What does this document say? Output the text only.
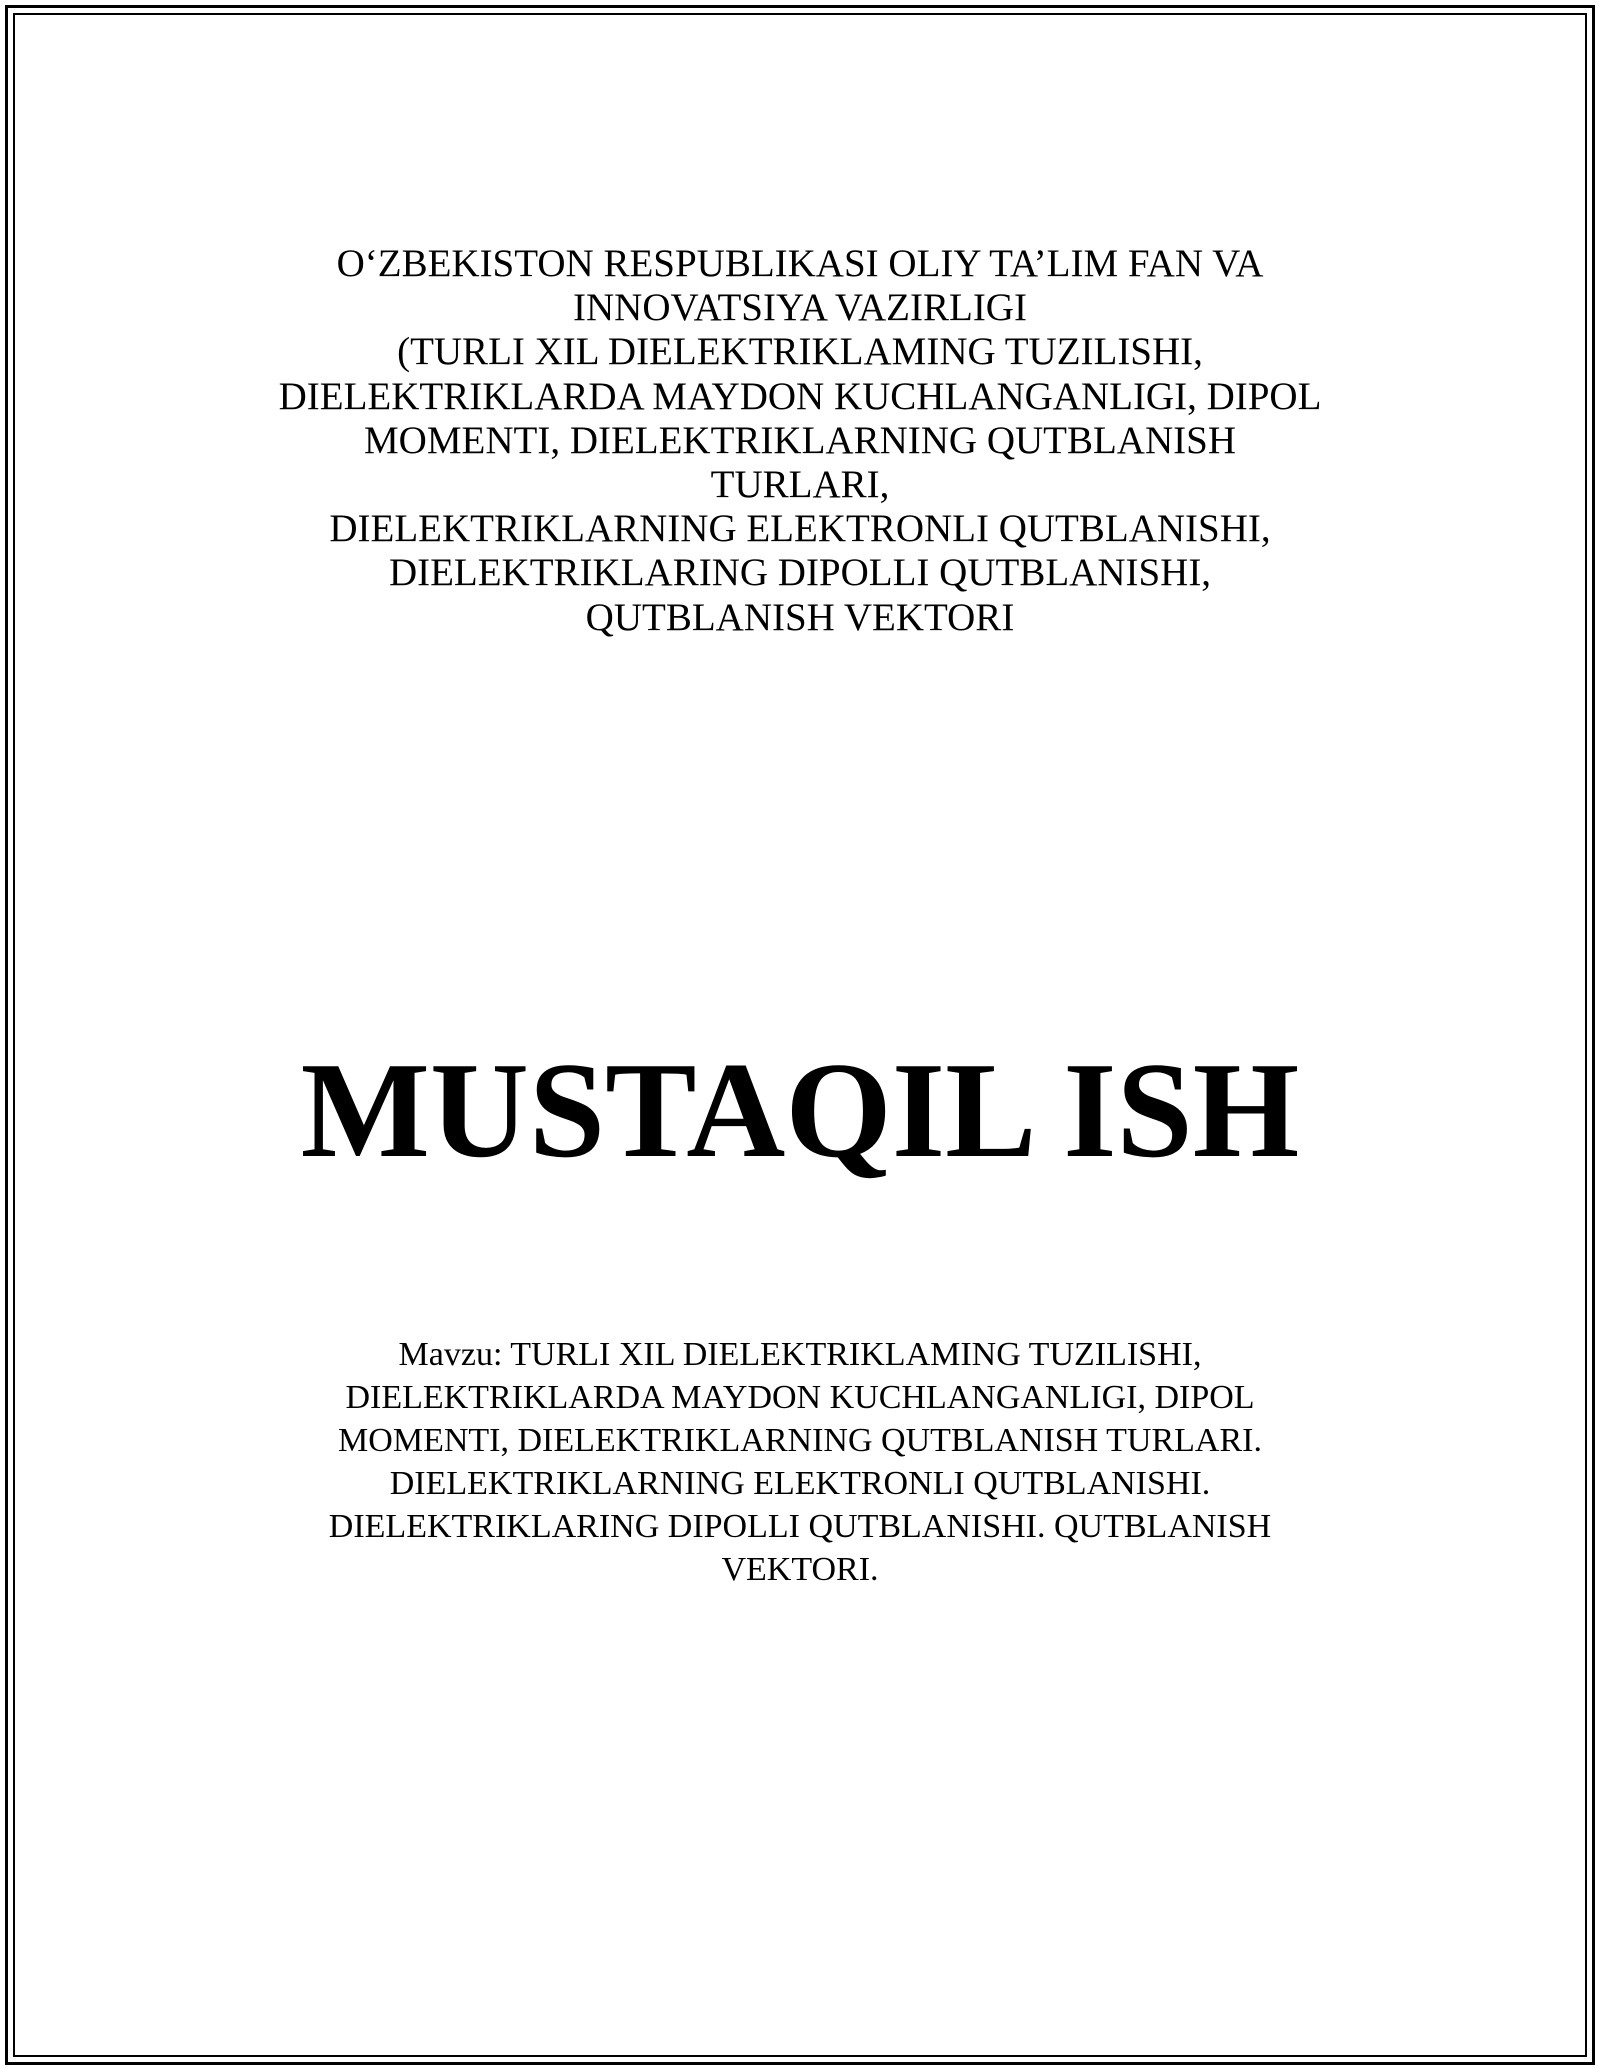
O‘ZBEKISTON RESPUBLIKASI OLIY TA’LIM FAN VA
INNOVATSIYA VAZIRLIGI
(TURLI XIL DIELEKTRIKLAMING TUZILISHI,
DIELEKTRIKLARDA MAYDON KUCHLANGANLIGI, DIPOL
MOMENTI, DIELEKTRIKLARNING QUTBLANISH
TURLARI,
DIELEKTRIKLARNING ELEKTRONLI QUTBLANISHI,
DIELEKTRIKLARING DIPOLLI QUTBLANISHI,
QUTBLANISH VEKTORI
MUSTAQIL ISH
Mavzu: TURLI XIL DIELEKTRIKLAMING TUZILISHI,
DIELEKTRIKLARDA MAYDON KUCHLANGANLIGI, DIPOL
MOMENTI, DIELEKTRIKLARNING QUTBLANISH TURLARI.
DIELEKTRIKLARNING ELEKTRONLI QUTBLANISHI.
DIELEKTRIKLARING DIPOLLI QUTBLANISHI. QUTBLANISH
VEKTORI.
